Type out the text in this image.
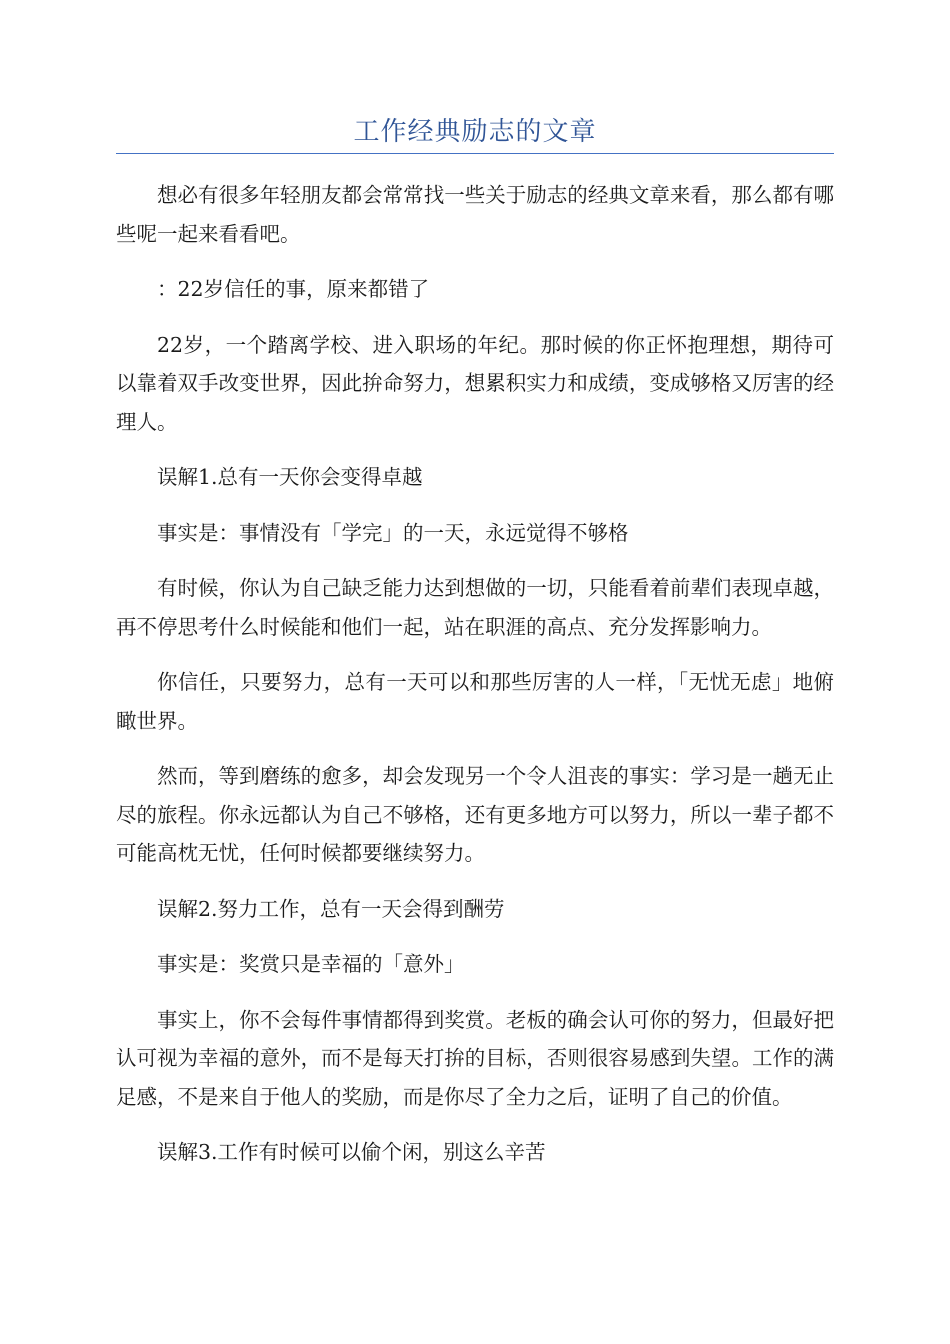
工作经典励志的文章

想必有很多年轻朋友都会常常找一些关于励志的经典文章来看，那么都有哪些呢一起来看看吧。

：22岁信任的事，原来都错了

22岁，一个踏离学校、进入职场的年纪。那时候的你正怀抱理想，期待可以靠着双手改变世界，因此拚命努力，想累积实力和成绩，变成够格又厉害的经理人。

误解1.总有一天你会变得卓越

事实是：事情没有「学完」的一天，永远觉得不够格

有时候，你认为自己缺乏能力达到想做的一切，只能看着前辈们表现卓越，再不停思考什么时候能和他们一起，站在职涯的高点、充分发挥影响力。

你信任，只要努力，总有一天可以和那些厉害的人一样，「无忧无虑」地俯瞰世界。

然而，等到磨练的愈多，却会发现另一个令人沮丧的事实：学习是一趟无止尽的旅程。你永远都认为自己不够格，还有更多地方可以努力，所以一辈子都不可能高枕无忧，任何时候都要继续努力。

误解2.努力工作，总有一天会得到酬劳

事实是：奖赏只是幸福的「意外」

事实上，你不会每件事情都得到奖赏。老板的确会认可你的努力，但最好把认可视为幸福的意外，而不是每天打拚的目标，否则很容易感到失望。工作的满足感，不是来自于他人的奖励，而是你尽了全力之后，证明了自己的价值。

误解3.工作有时候可以偷个闲，别这么辛苦
